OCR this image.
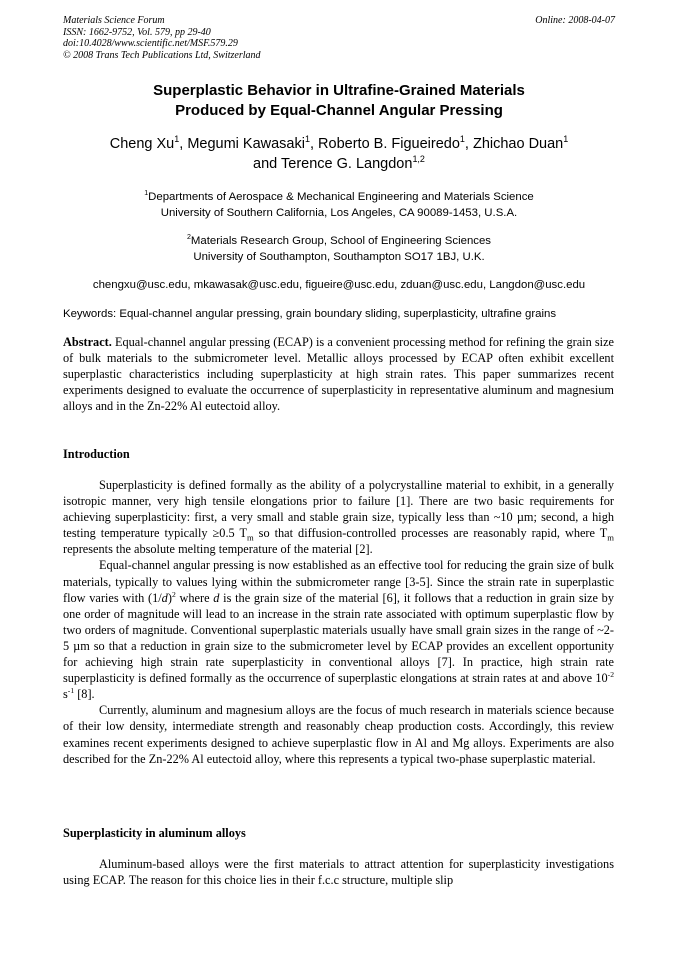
Materials Science Forum
ISSN: 1662-9752, Vol. 579, pp 29-40
doi:10.4028/www.scientific.net/MSF.579.29
© 2008 Trans Tech Publications Ltd, Switzerland
Online: 2008-04-07
Superplastic Behavior in Ultrafine-Grained Materials
Produced by Equal-Channel Angular Pressing
Cheng Xu$^1$, Megumi Kawasaki$^1$, Roberto B. Figueiredo$^1$, Zhichao Duan$^1$
and Terence G. Langdon$^{1,2}$
$^1$Departments of Aerospace & Mechanical Engineering and Materials Science
University of Southern California, Los Angeles, CA 90089-1453, U.S.A.
$^2$Materials Research Group, School of Engineering Sciences
University of Southampton, Southampton SO17 1BJ, U.K.
chengxu@usc.edu, mkawasak@usc.edu, figueire@usc.edu, zduan@usc.edu, Langdon@usc.edu
Keywords: Equal-channel angular pressing, grain boundary sliding, superplasticity, ultrafine grains

Abstract. Equal-channel angular pressing (ECAP) is a convenient processing method for refining the grain size of bulk materials to the submicrometer level. Metallic alloys processed by ECAP often exhibit excellent superplastic characteristics including superplasticity at high strain rates. This paper summarizes recent experiments designed to evaluate the occurrence of superplasticity in representative aluminum and magnesium alloys and in the Zn-22% Al eutectoid alloy.

Introduction

Superplasticity is defined formally as the ability of a polycrystalline material to exhibit, in a generally isotropic manner, very high tensile elongations prior to failure [1]. There are two basic requirements for achieving superplasticity: first, a very small and stable grain size, typically less than ~10 µm; second, a high testing temperature typically ≥0.5 $T_m$ so that diffusion-controlled processes are reasonably rapid, where $T_m$ represents the absolute melting temperature of the material [2].

Equal-channel angular pressing is now established as an effective tool for reducing the grain size of bulk materials, typically to values lying within the submicrometer range [3-5]. Since the strain rate in superplastic flow varies with $(1/d)^2$ where d is the grain size of the material [6], it follows that a reduction in grain size by one order of magnitude will lead to an increase in the strain rate associated with optimum superplastic flow by two orders of magnitude. Conventional superplastic materials usually have small grain sizes in the range of ~2-5 µm so that a reduction in grain size to the submicrometer level by ECAP provides an excellent opportunity for achieving high strain rate superplasticity in conventional alloys [7]. In practice, high strain rate superplasticity is defined formally as the occurrence of superplastic elongations at strain rates at and above $10^{-2}$ $s^{-1}$ [8].

Currently, aluminum and magnesium alloys are the focus of much research in materials science because of their low density, intermediate strength and reasonably cheap production costs. Accordingly, this review examines recent experiments designed to achieve superplastic flow in Al and Mg alloys. Experiments are also described for the Zn-22% Al eutectoid alloy, where this represents a typical two-phase superplastic material.

Superplasticity in aluminum alloys

Aluminum-based alloys were the first materials to attract attention for superplasticity investigations using ECAP. The reason for this choice lies in their f.c.c structure, multiple slip
